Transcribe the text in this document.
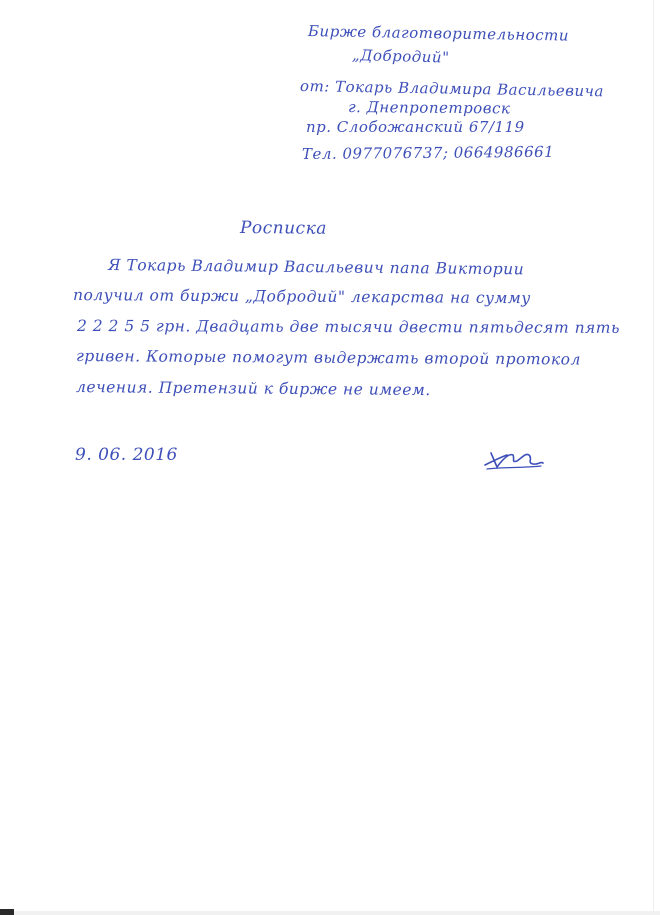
Бирже благотворительности
„Добродий"
от: Токарь Владимира Васильевича
г. Днепропетровск
пр. Слобожанский 67/119
Тел. 0977076737; 0664986661
Росписка
Я Токарь Владимир Васильевич папа Виктории
получил от биржи „Добродий" лекарства на сумму
2 2 2 5 5 грн. Двадцать две тысячи двести пятьдесят пять
гривен. Которые помогут выдержать второй протокол
лечения. Претензий к бирже не имеем.
9. 06. 2016
